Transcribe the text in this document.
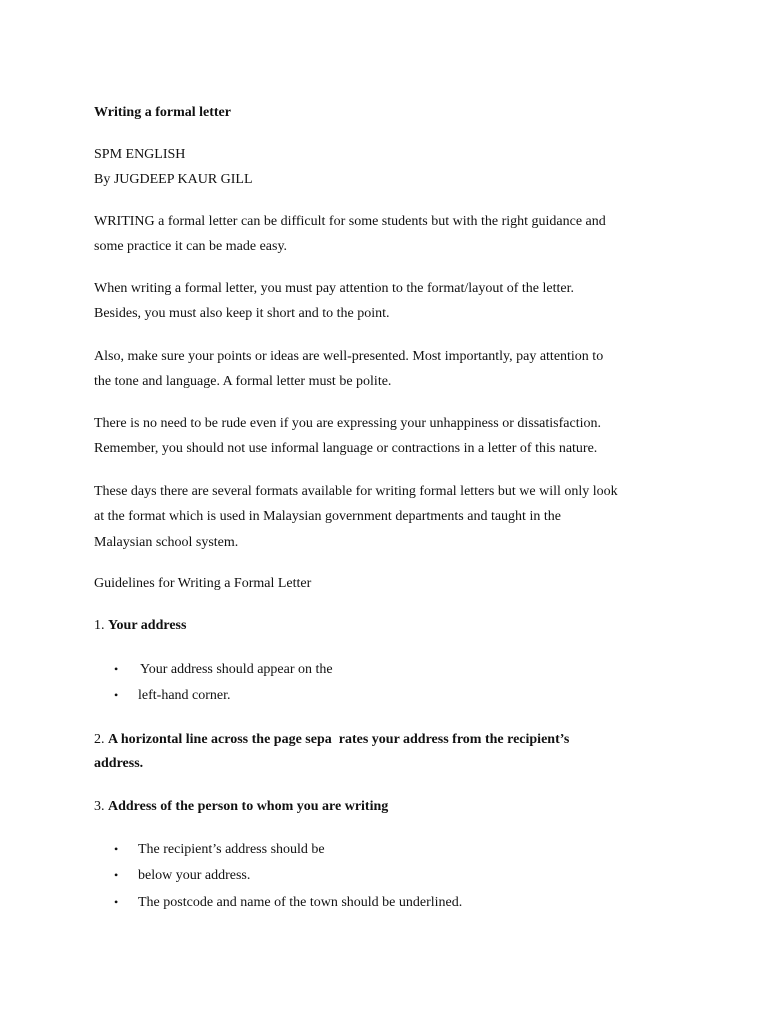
Writing a formal letter
SPM ENGLISH
By JUGDEEP KAUR GILL
WRITING a formal letter can be difficult for some students but with the right guidance and
some practice it can be made easy.
When writing a formal letter, you must pay attention to the format/layout of the letter.
Besides, you must also keep it short and to the point.
Also, make sure your points or ideas are well-presented. Most importantly, pay attention to
the tone and language. A formal letter must be polite.
There is no need to be rude even if you are expressing your unhappiness or dissatisfaction.
Remember, you should not use informal language or contractions in a letter of this nature.
These days there are several formats available for writing formal letters but we will only look
at the format which is used in Malaysian government departments and taught in the
Malaysian school system.
Guidelines for Writing a Formal Letter
1. Your address
• Your address should appear on the
• left-hand corner.
2. A horizontal line across the page sepa  rates your address from the recipient’s
address.
3. Address of the person to whom you are writing
• The recipient’s address should be
• below your address.
• The postcode and name of the town should be underlined.
